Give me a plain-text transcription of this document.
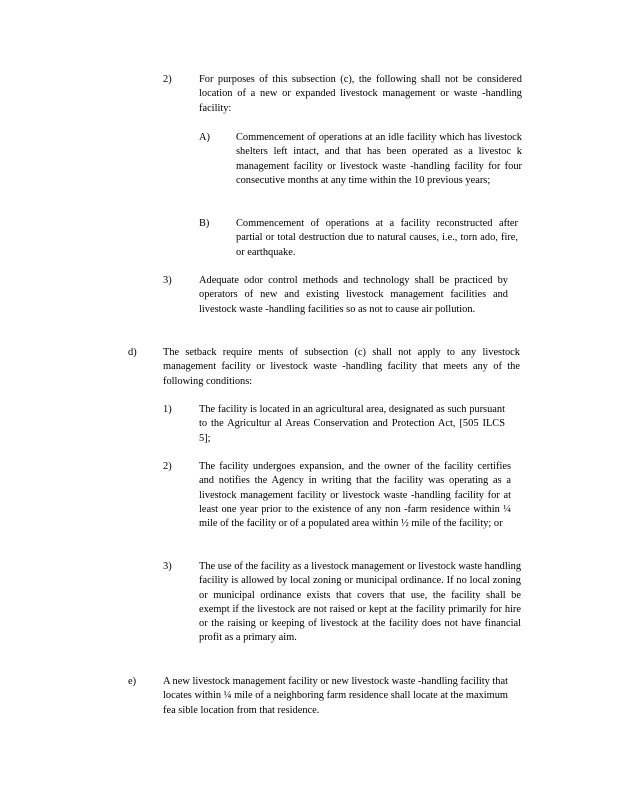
2)	For purposes of this subsection (c), the following shall not be considered location of a new or expanded livestock management or waste -handling facility:
A)	Commencement of operations at an idle facility which has livestock shelters left intact, and that has been operated as a livestoc k management facility or livestock waste -handling facility for four consecutive months at any time within the 10 previous years;
B)	Commencement of operations at a facility reconstructed after partial or total destruction due to natural causes, i.e., torn ado, fire, or earthquake.
3)	Adequate odor control methods and technology shall be practiced by operators of new and existing livestock management facilities and livestock waste -handling facilities so as not to cause air pollution.
d)	The setback require ments of subsection (c) shall not apply to any livestock management facility or livestock waste -handling facility that meets any of the following conditions:
1)	The facility is located in an agricultural area, designated as such pursuant to the Agricultur al Areas Conservation and Protection Act, [505 ILCS 5];
2)	The facility undergoes expansion, and the owner of the facility certifies and notifies the Agency in writing that the facility was operating as a livestock management facility or livestock waste -handling facility for at least one year prior to the existence of any non -farm residence within ¼ mile of the facility or of a populated area within ½ mile of the facility; or
3)	The use of the facility as a livestock management or livestock waste handling facility is allowed by local zoning or municipal ordinance. If no local zoning or municipal ordinance exists that covers that use, the facility shall be exempt if the livestock are not raised or kept at the facility primarily for hire or the raising or keeping of livestock at the facility does not have financial profit as a primary aim.
e)	A new livestock management facility or new livestock waste -handling facility that locates within ¼ mile of a neighboring farm residence shall locate at the maximum fea sible location from that residence.
